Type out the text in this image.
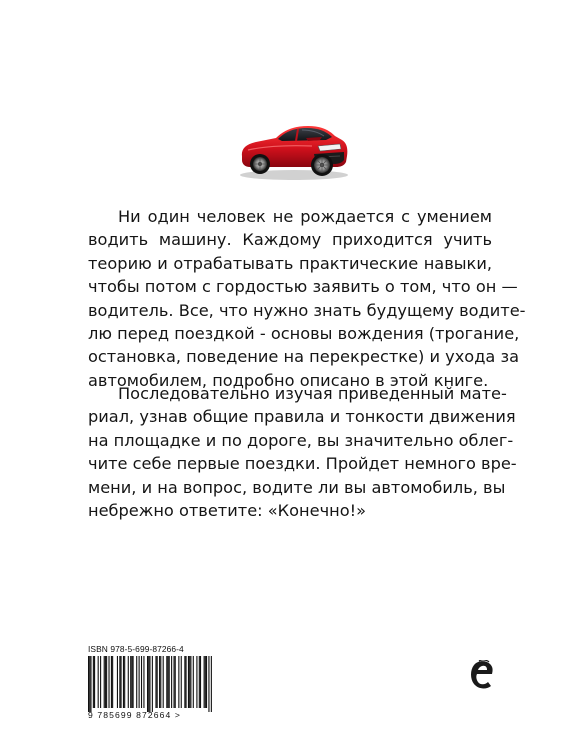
Ни один человек не рождается с умением
водить машину. Каждому приходится учить
теорию и отрабатывать практические навыки,
чтобы потом с гордостью заявить о том, что он —
водитель. Все, что нужно знать будущему водите-
лю перед поездкой - основы вождения (трогание,
остановка, поведение на перекрестке) и ухода за
автомобилем, подробно описано в этой книге.
Последовательно изучая приведенный мате-
риал, узнав общие правила и тонкости движения
на площадке и по дороге, вы значительно облег-
чите себе первые поездки. Пройдет немного вре-
мени, и на вопрос, водите ли вы автомобиль, вы
небрежно ответите: «Конечно!»
ISBN 978-5-699-87266-4
9 785699 872664 >
